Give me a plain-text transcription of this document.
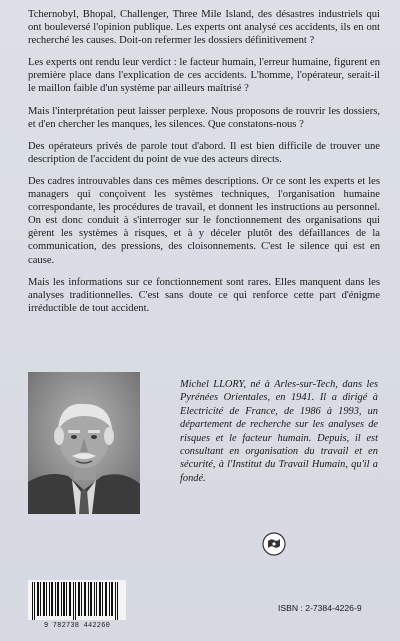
Tchernobyl, Bhopal, Challenger, Three Mile Island, des désastres industriels qui ont bouleversé l'opinion publique. Les experts ont analysé ces accidents, ils en ont recherché les causes. Doit-on refermer les dossiers définitivement ?

Les experts ont rendu leur verdict : le facteur humain, l'erreur humaine, figurent en première place dans l'explication de ces accidents. L'homme, l'opérateur, serait-il le maillon faible d'un système par ailleurs maîtrisé ?

Mais l'interprétation peut laisser perplexe. Nous proposons de rouvrir les dossiers, et d'en chercher les manques, les silences. Que constatons-nous ?

Des opérateurs privés de parole tout d'abord. Il est bien difficile de trouver une description de l'accident du point de vue des acteurs directs.

Des cadres introuvables dans ces mêmes descriptions. Or ce sont les experts et les managers qui conçoivent les systèmes techniques, l'organisation humaine correspondante, les procédures de travail, et donnent les instructions au personnel. On est donc conduit à s'interroger sur le fonctionnement des organisations qui gèrent les systèmes à risques, et à y déceler plutôt des défaillances de la communication, des pressions, des cloisonnements. C'est le silence qui est en cause.

Mais les informations sur ce fonctionnement sont rares. Elles manquent dans les analyses traditionnelles. C'est sans doute ce qui renforce cette part d'énigme irréductible de tout accident.

Michel LLORY, né à Arles-sur-Tech, dans les Pyrénées Orientales, en 1941. Il a dirigé à Electricité de France, de 1986 à 1993, un département de recherche sur les analyses de risques et le facteur humain. Depuis, il est consultant en organisation du travail et en sécurité, à l'Institut du Travail Humain, qu'il a fondé.

9 782738 442260
ISBN : 2-7384-4226-9
